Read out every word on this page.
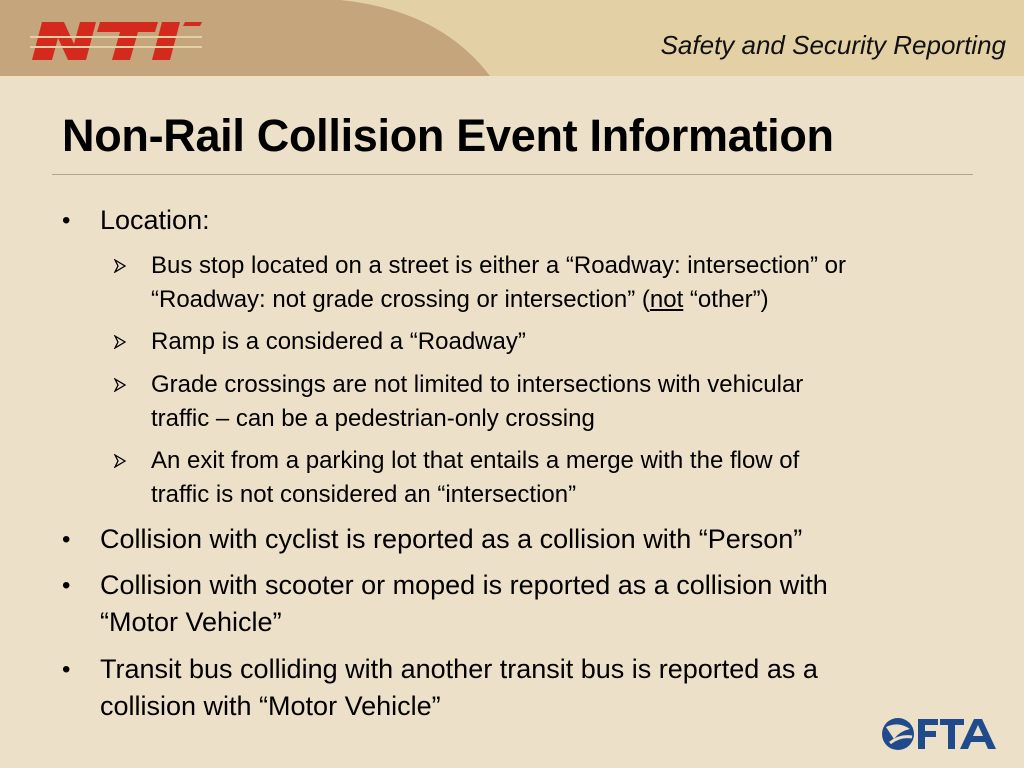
Safety and Security Reporting
Non-Rail Collision Event Information

• Location:

Bus stop located on a street is either a “Roadway: intersection” or
“Roadway: not grade crossing or intersection” (not “other”)

Ramp is a considered a “Roadway”

Grade crossings are not limited to intersections with vehicular
traffic – can be a pedestrian-only crossing

An exit from a parking lot that entails a merge with the flow of
traffic is not considered an “intersection”

• Collision with cyclist is reported as a collision with “Person”

• Collision with scooter or moped is reported as a collision with
“Motor Vehicle”

• Transit bus colliding with another transit bus is reported as a
collision with “Motor Vehicle”
